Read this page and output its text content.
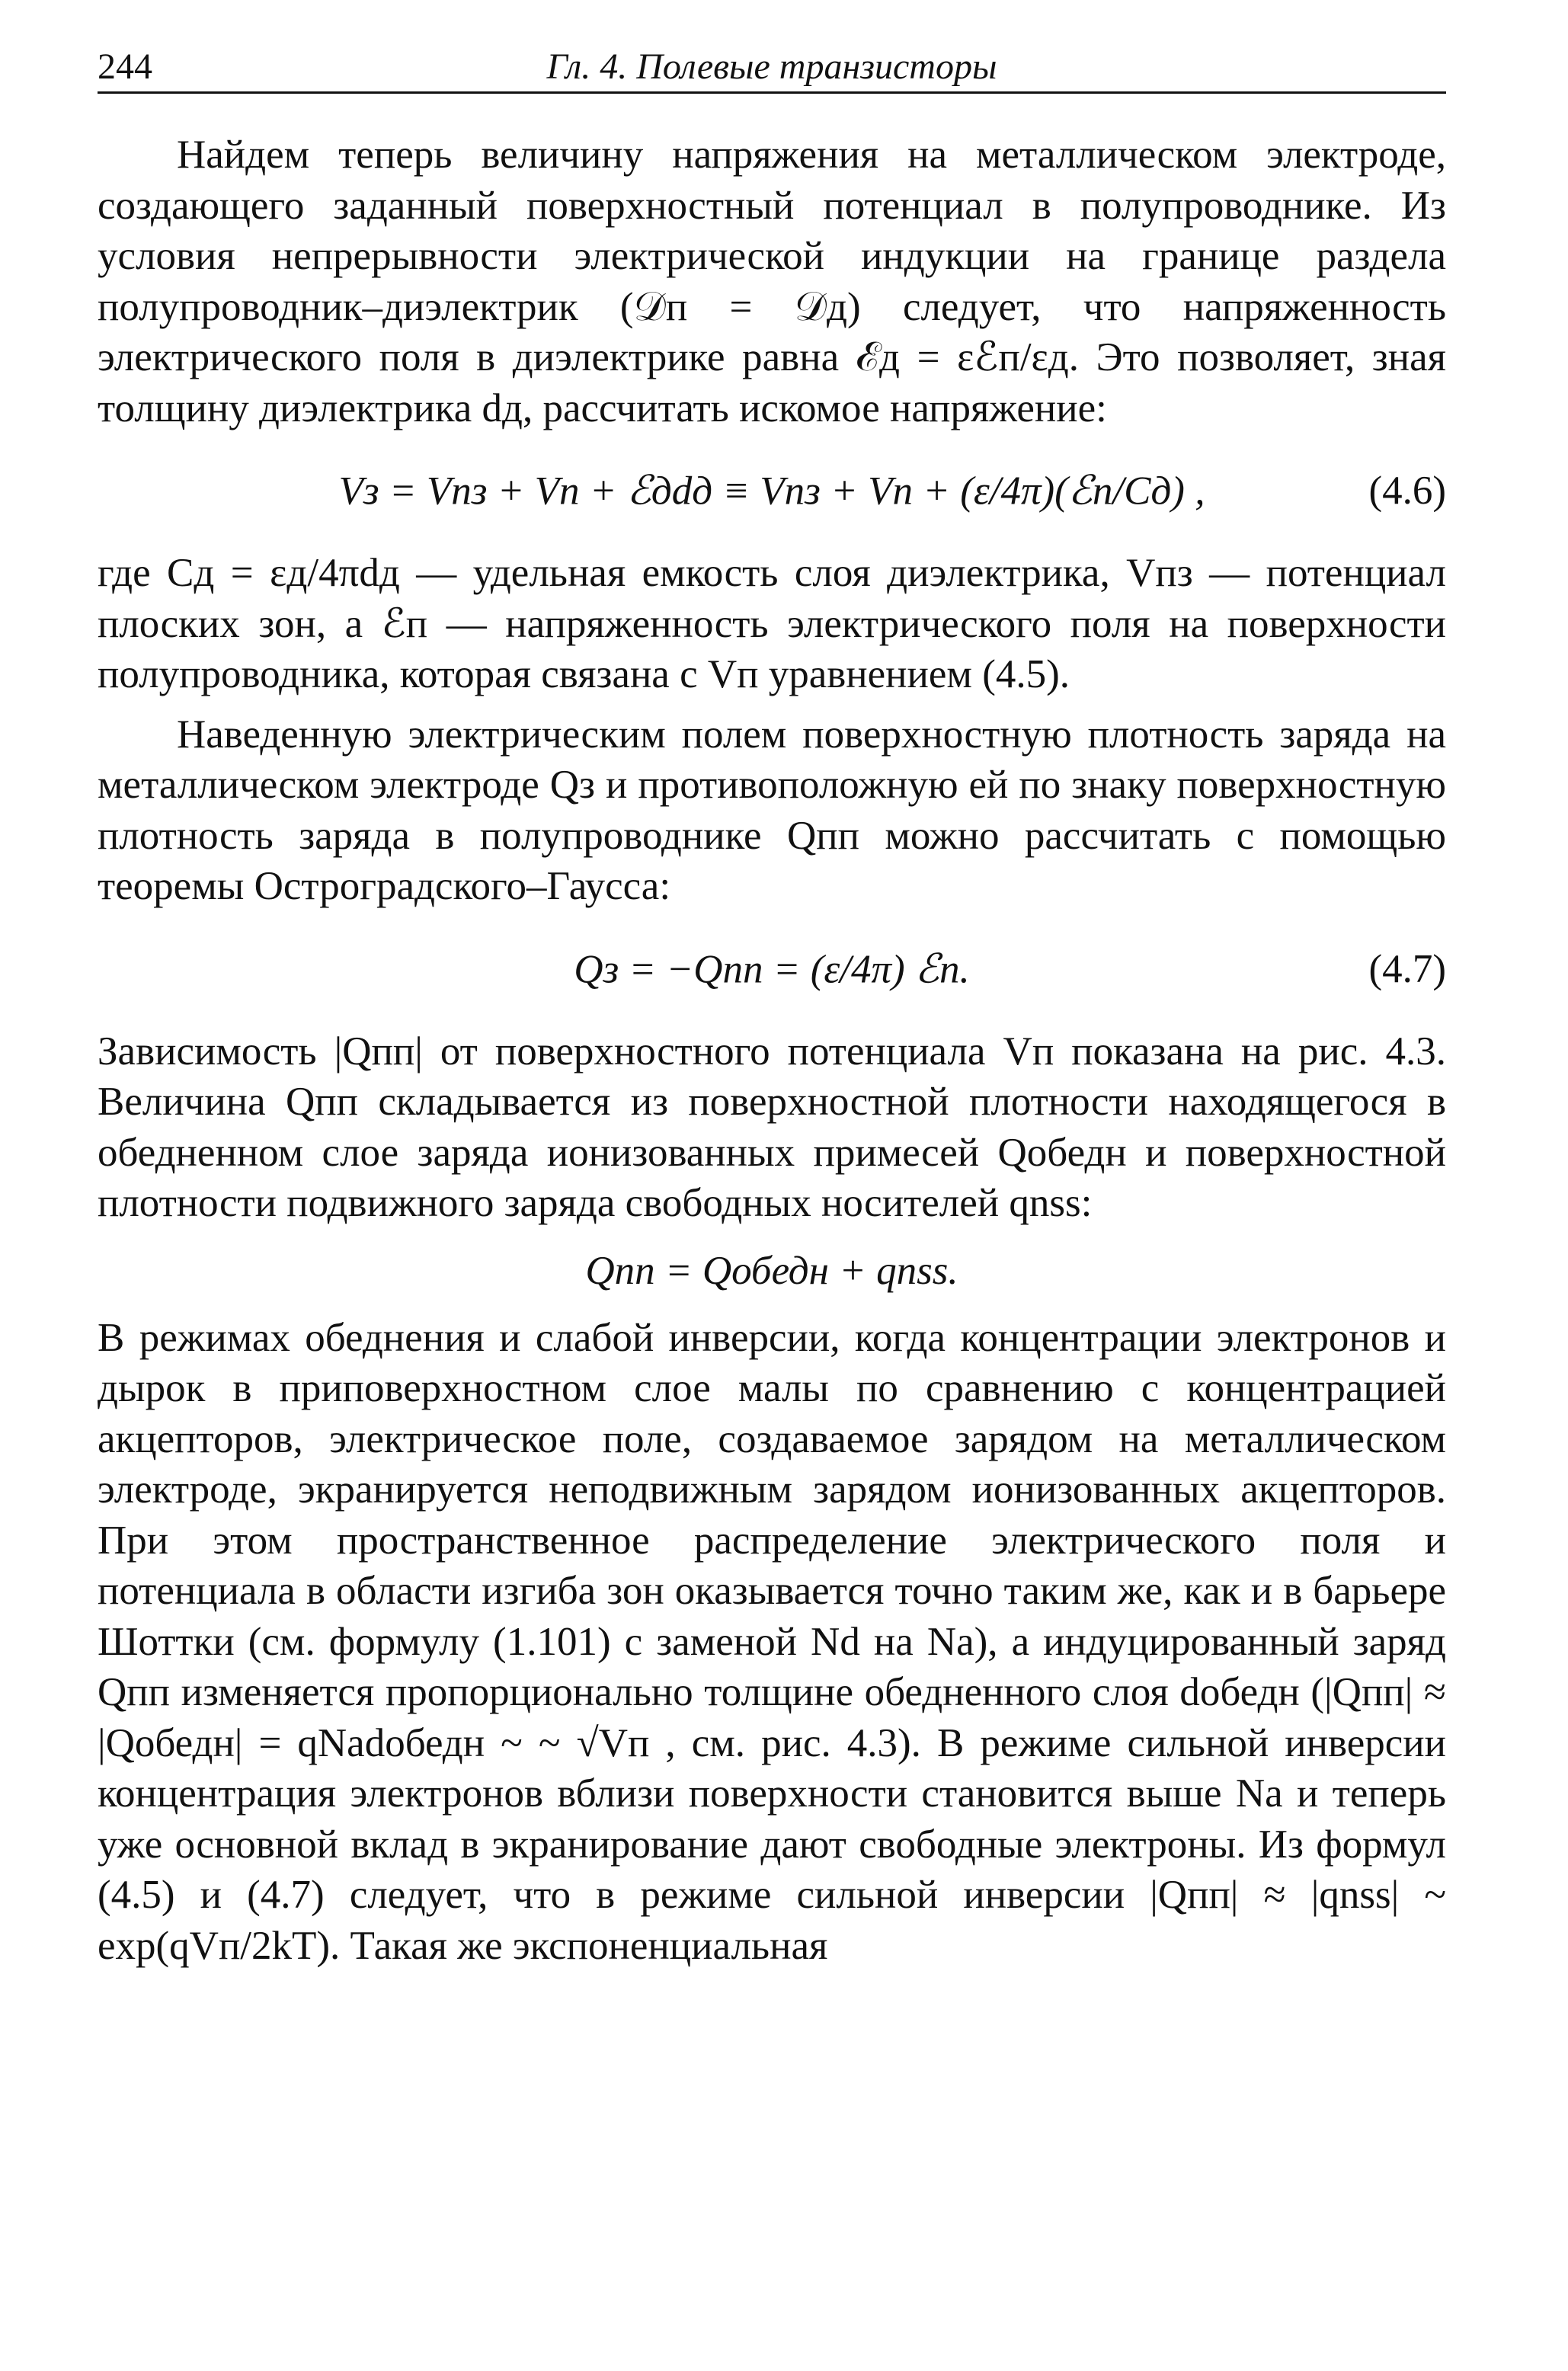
244	Гл. 4. Полевые транзисторы

Найдем теперь величину напряжения на металлическом электроде, создающего заданный поверхностный потенциал в полупроводнике. Из условия непрерывности электрической индукции на границе раздела полупроводник–диэлектрик (𝒟п = 𝒟д) следует, что напряженность электрического поля в диэлектрике равна ℰд = εℰп/εд. Это позволяет, зная толщину диэлектрика dд, рассчитать искомое напряжение:

Vз = Vпз + Vп + ℰдdд ≡ Vпз + Vп + (ε/4π)(ℰп/Cд) ,	(4.6)

где Cд = εд/4πdд — удельная емкость слоя диэлектрика, Vпз — потенциал плоских зон, а ℰп — напряженность электрического поля на поверхности полупроводника, которая связана с Vп уравнением (4.5).

Наведенную электрическим полем поверхностную плотность заряда на металлическом электроде Qз и противоположную ей по знаку поверхностную плотность заряда в полупроводнике Qпп можно рассчитать с помощью теоремы Остроградского–Гаусса:

Qз = −Qпп = (ε/4π) ℰп.	(4.7)

Зависимость |Qпп| от поверхностного потенциала Vп показана на рис. 4.3. Величина Qпп складывается из поверхностной плотности находящегося в обедненном слое заряда ионизованных примесей Qобедн и поверхностной плотности подвижного заряда свободных носителей qnss:

Qпп = Qобедн + qnss.

В режимах обеднения и слабой инверсии, когда концентрации электронов и дырок в приповерхностном слое малы по сравнению с концентрацией акцепторов, электрическое поле, создаваемое зарядом на металлическом электроде, экранируется неподвижным зарядом ионизованных акцепторов. При этом пространственное распределение электрического поля и потенциала в области изгиба зон оказывается точно таким же, как и в барьере Шоттки (см. формулу (1.101) с заменой Nd на Na), а индуцированный заряд Qпп изменяется пропорционально толщине обедненного слоя dобедн (|Qпп| ≈ |Qобедн| = qNadобедн ~ ~ √Vп , см. рис. 4.3). В режиме сильной инверсии концентрация электронов вблизи поверхности становится выше Na и теперь уже основной вклад в экранирование дают свободные электроны. Из формул (4.5) и (4.7) следует, что в режиме сильной инверсии |Qпп| ≈ |qnss| ~ exp(qVп/2kT). Такая же экспоненциальная
